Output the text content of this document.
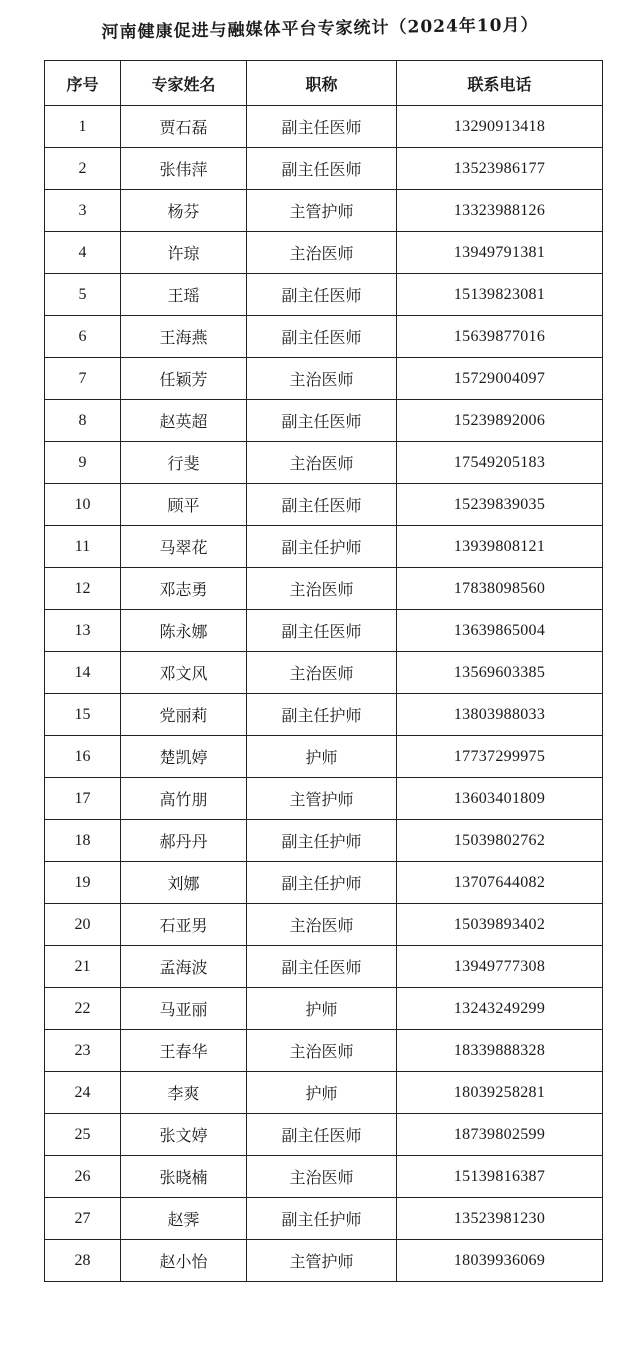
河南健康促进与融媒体平台专家统计（2024年10月）
序号	专家姓名	职称	联系电话
1	贾石磊	副主任医师	13290913418
2	张伟萍	副主任医师	13523986177
3	杨芬	主管护师	13323988126
4	许琼	主治医师	13949791381
5	王瑶	副主任医师	15139823081
6	王海燕	副主任医师	15639877016
7	任颖芳	主治医师	15729004097
8	赵英超	副主任医师	15239892006
9	行斐	主治医师	17549205183
10	顾平	副主任医师	15239839035
11	马翠花	副主任护师	13939808121
12	邓志勇	主治医师	17838098560
13	陈永娜	副主任医师	13639865004
14	邓文风	主治医师	13569603385
15	党丽莉	副主任护师	13803988033
16	楚凯婷	护师	17737299975
17	高竹朋	主管护师	13603401809
18	郝丹丹	副主任护师	15039802762
19	刘娜	副主任护师	13707644082
20	石亚男	主治医师	15039893402
21	孟海波	副主任医师	13949777308
22	马亚丽	护师	13243249299
23	王春华	主治医师	18339888328
24	李爽	护师	18039258281
25	张文婷	副主任医师	18739802599
26	张晓楠	主治医师	15139816387
27	赵霁	副主任护师	13523981230
28	赵小怡	主管护师	18039936069
